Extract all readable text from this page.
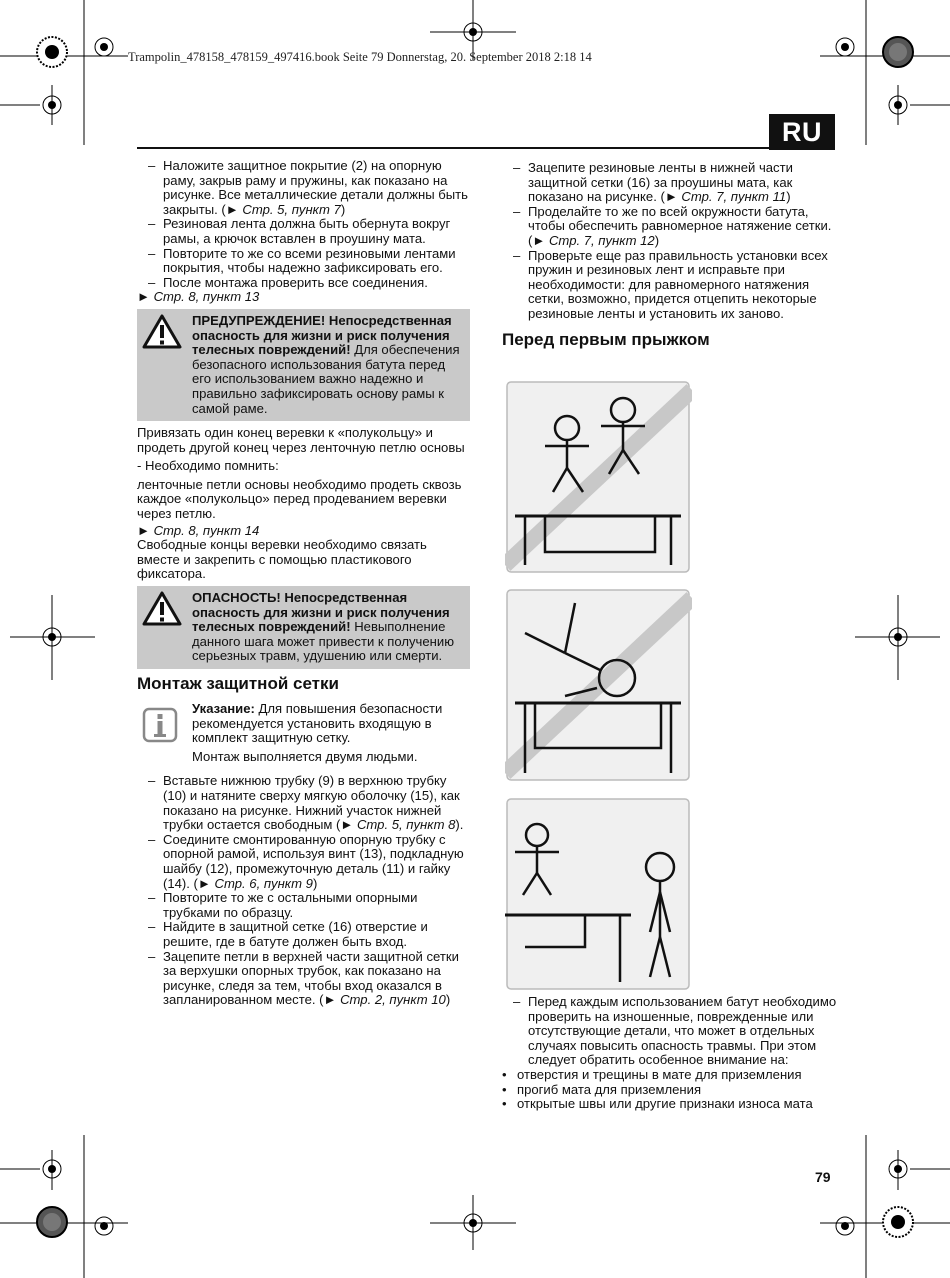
Trampolin_478158_478159_497416.book Seite 79 Donnerstag, 20. September 2018 2:18 14
RU

– Наложите защитное покрытие (2) на опорную раму, закрыв раму и пружины, как показано на рисунке. Все металлические детали должны быть закрыты. (► Стр. 5, пункт 7)

– Резиновая лента должна быть обернута вокруг рамы, а крючок вставлен в проушину мата.

– Повторите то же со всеми резиновыми лентами покрытия, чтобы надежно зафиксировать его.

– После монтажа проверить все соединения.

► Стр. 8, пункт 13

ПРЕДУПРЕЖДЕНИЕ! Непосредственная опасность для жизни и риск получения телесных повреждений! Для обеспечения безопасного использования батута перед его использованием важно надежно и правильно зафиксировать основу рамы к самой раме.

Привязать один конец веревки к «полукольцу» и продеть другой конец через ленточную петлю основы

- Необходимо помнить:

ленточные петли основы необходимо продеть сквозь каждое «полукольцо» перед продеванием веревки через петлю.

► Стр. 8, пункт 14

Свободные концы веревки необходимо связать вместе и закрепить с помощью пластикового фиксатора.

ОПАСНОСТЬ! Непосредственная опасность для жизни и риск получения телесных повреждений! Невыполнение данного шага может привести к получению серьезных травм, удушению или смерти.

Монтаж защитной сетки

Указание: Для повышения безопасности рекомендуется установить входящую в комплект защитную сетку.

Монтаж выполняется двумя людьми.

– Вставьте нижнюю трубку (9) в верхнюю трубку (10) и натяните сверху мягкую оболочку (15), как показано на рисунке. Нижний участок нижней трубки остается свободным (► Стр. 5, пункт 8).

– Соедините смонтированную опорную трубку с опорной рамой, используя винт (13), подкладную шайбу (12), промежуточную деталь (11) и гайку (14). (► Стр. 6, пункт 9)

– Повторите то же с остальными опорными трубками по образцу.

– Найдите в защитной сетке (16) отверстие и решите, где в батуте должен быть вход.

– Зацепите петли в верхней части защитной сетки за верхушки опорных трубок, как показано на рисунке, следя за тем, чтобы вход оказался в запланированном месте. (► Стр. 2, пункт 10)

– Зацепите резиновые ленты в нижней части защитной сетки (16) за проушины мата, как показано на рисунке. (► Стр. 7, пункт 11)

– Проделайте то же по всей окружности батута, чтобы обеспечить равномерное натяжение сетки. (► Стр. 7, пункт 12)

– Проверьте еще раз правильность установки всех пружин и резиновых лент и исправьте при необходимости: для равномерного натяжения сетки, возможно, придется отцепить некоторые резиновые ленты и установить их заново.

Перед первым прыжком

– Перед каждым использованием батут необходимо проверить на изношенные, поврежденные или отсутствующие детали, что может в отдельных случаях повысить опасность травмы. При этом следует обратить особенное внимание на:

• отверстия и трещины в мате для приземления

• прогиб мата для приземления

• открытые швы или другие признаки износа мата

79
